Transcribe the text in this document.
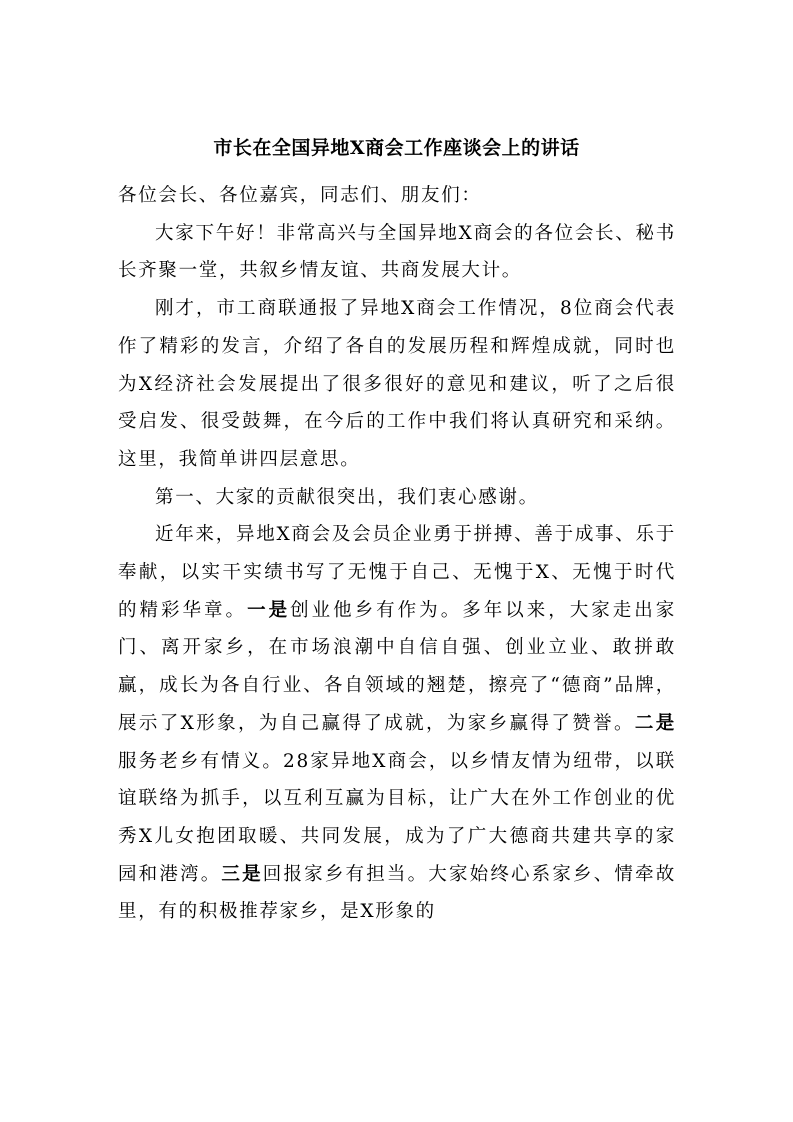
市长在全国异地X商会工作座谈会上的讲话

各位会长、各位嘉宾，同志们、朋友们：

大家下午好！非常高兴与全国异地X商会的各位会长、秘书长齐聚一堂，共叙乡情友谊、共商发展大计。

刚才，市工商联通报了异地X商会工作情况，8位商会代表作了精彩的发言，介绍了各自的发展历程和辉煌成就，同时也为X经济社会发展提出了很多很好的意见和建议，听了之后很受启发、很受鼓舞，在今后的工作中我们将认真研究和采纳。这里，我简单讲四层意思。

第一、大家的贡献很突出，我们衷心感谢。

近年来，异地X商会及会员企业勇于拼搏、善于成事、乐于奉献，以实干实绩书写了无愧于自己、无愧于X、无愧于时代的精彩华章。一是创业他乡有作为。多年以来，大家走出家门、离开家乡，在市场浪潮中自信自强、创业立业、敢拼敢赢，成长为各自行业、各自领域的翘楚，擦亮了“德商”品牌，展示了X形象，为自己赢得了成就，为家乡赢得了赞誉。二是服务老乡有情义。28家异地X商会，以乡情友情为纽带，以联谊联络为抓手，以互利互赢为目标，让广大在外工作创业的优秀X儿女抱团取暖、共同发展，成为了广大德商共建共享的家园和港湾。三是回报家乡有担当。大家始终心系家乡、情牵故里，有的积极推荐家乡，是X形象的
